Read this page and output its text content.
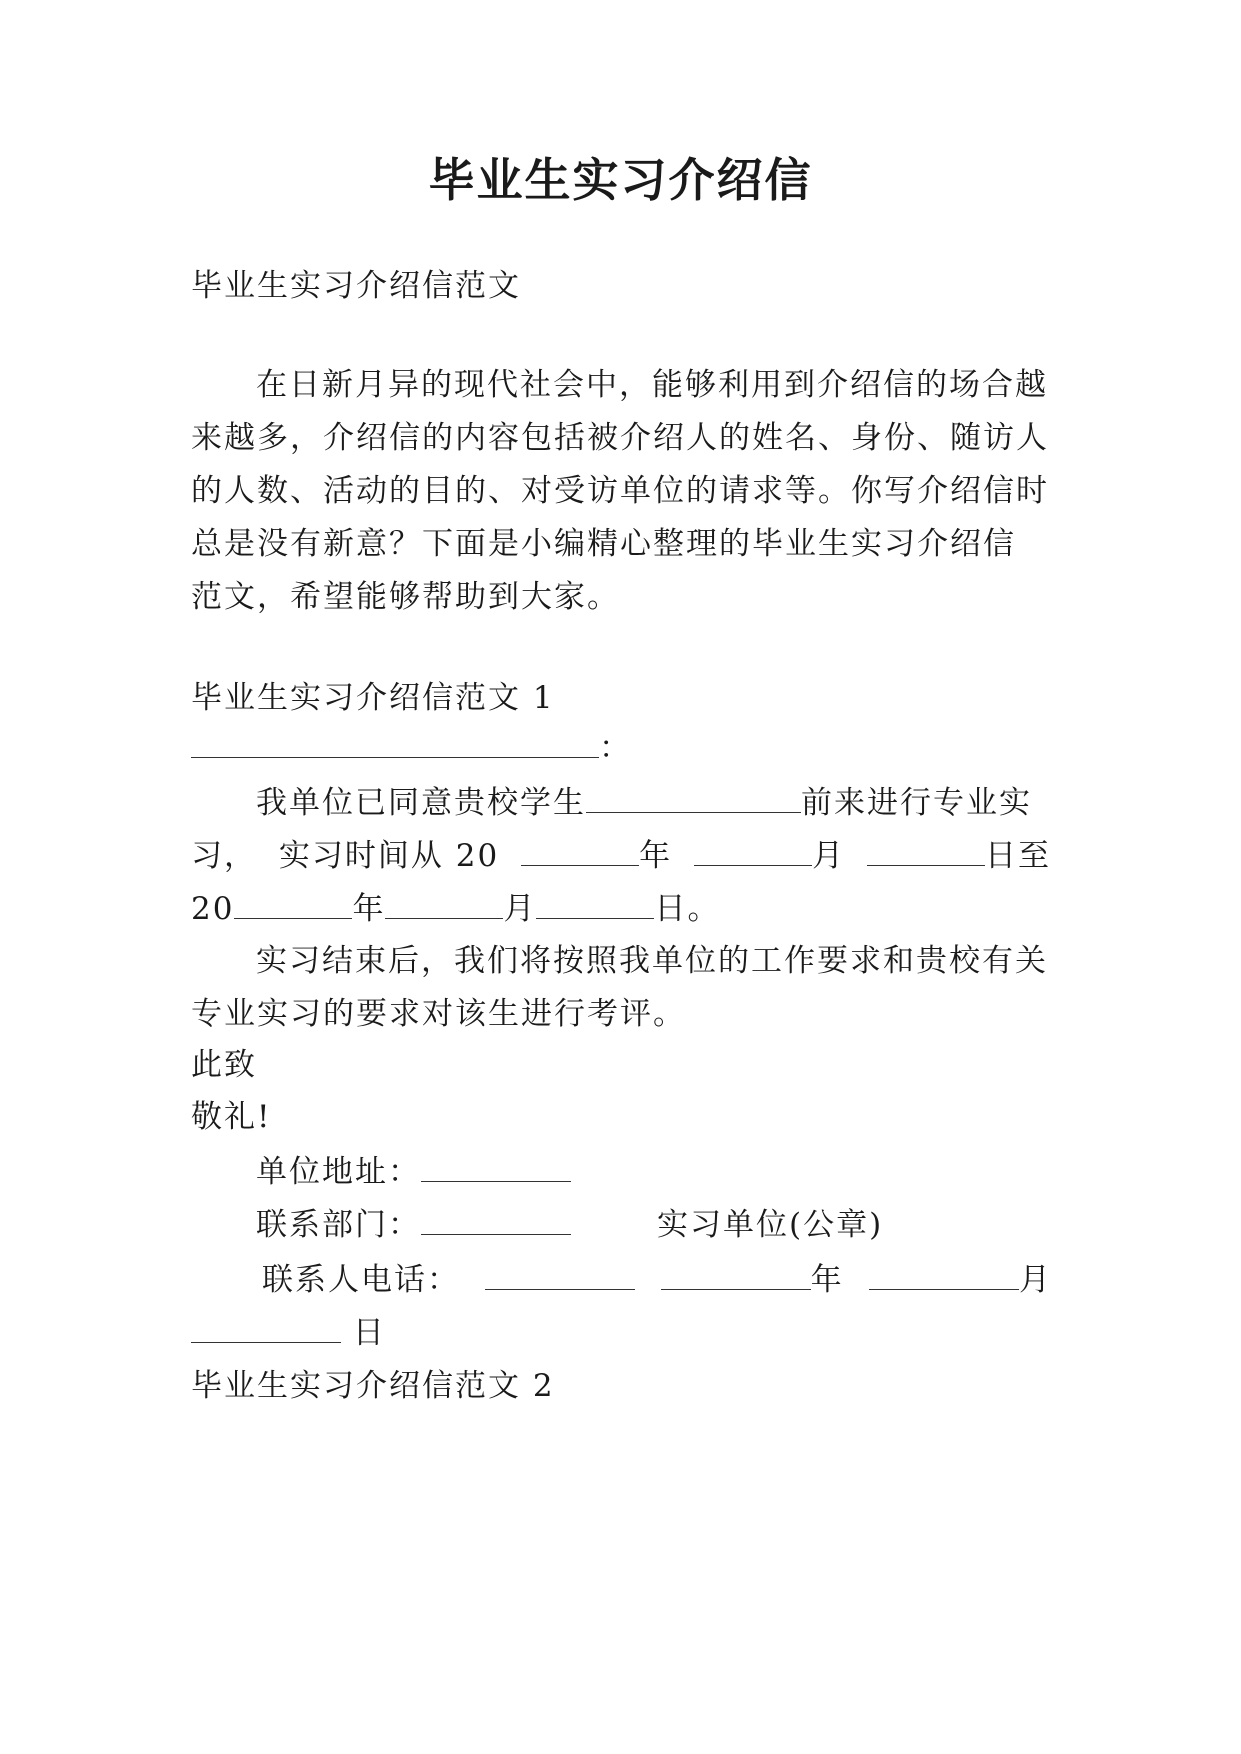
毕业生实习介绍信
毕业生实习介绍信范文
在日新月异的现代社会中，能够利用到介绍信的场合越
来越多，介绍信的内容包括被介绍人的姓名、身份、随访人
的人数、活动的目的、对受访单位的请求等。你写介绍信时
总是没有新意？下面是小编精心整理的毕业生实习介绍信
范文，希望能够帮助到大家。
毕业生实习介绍信范文 1
：
我单位已同意贵校学生	前来进行专业实
习， 实习时间从 20	年	月	日至
20	年	月	日。
实习结束后，我们将按照我单位的工作要求和贵校有关
专业实习的要求对该生进行考评。
此致
敬礼!
单位地址：
联系部门：	实习单位(公章)
联系人电话：	年	月
日
毕业生实习介绍信范文 2
